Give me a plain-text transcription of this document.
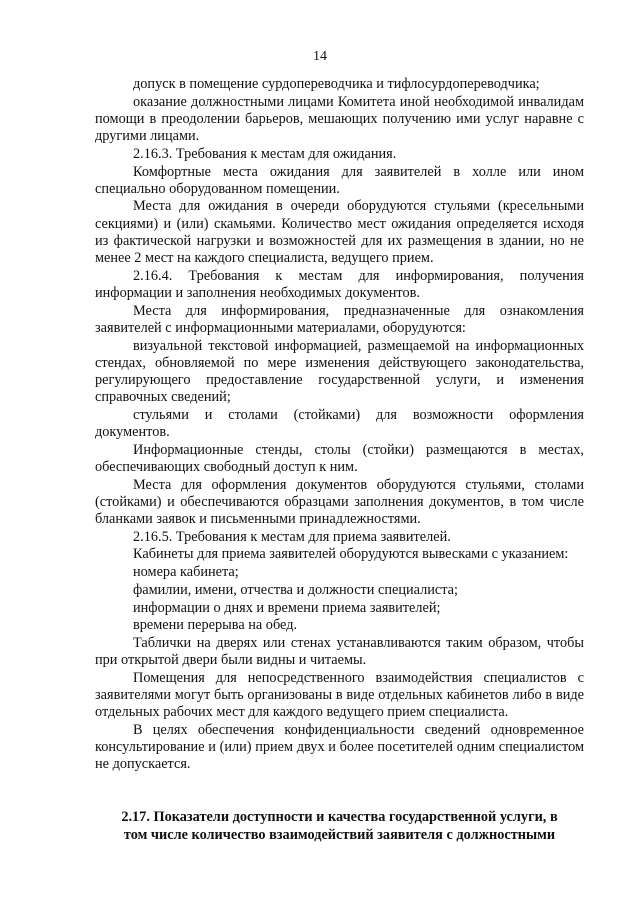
14

допуск в помещение сурдопереводчика и тифлосурдопереводчика;

оказание должностными лицами Комитета иной необходимой инвалидам помощи в преодолении барьеров, мешающих получению ими услуг наравне с другими лицами.

2.16.3. Требования к местам для ожидания.

Комфортные места ожидания для заявителей в холле или ином специально оборудованном помещении.

Места для ожидания в очереди оборудуются стульями (кресельными секциями) и (или) скамьями. Количество мест ожидания определяется исходя из фактической нагрузки и возможностей для их размещения в здании, но не менее 2 мест на каждого специалиста, ведущего прием.

2.16.4. Требования к местам для информирования, получения информации и заполнения необходимых документов.

Места для информирования, предназначенные для ознакомления заявителей с информационными материалами, оборудуются:

визуальной текстовой информацией, размещаемой на информационных стендах, обновляемой по мере изменения действующего законодательства, регулирующего предоставление государственной услуги, и изменения справочных сведений;

стульями и столами (стойками) для возможности оформления документов.

Информационные стенды, столы (стойки) размещаются в местах, обеспечивающих свободный доступ к ним.

Места для оформления документов оборудуются стульями, столами (стойками) и обеспечиваются образцами заполнения документов, в том числе бланками заявок и письменными принадлежностями.

2.16.5. Требования к местам для приема заявителей.

Кабинеты для приема заявителей оборудуются вывесками с указанием:

номера кабинета;

фамилии, имени, отчества и должности специалиста;

информации о днях и времени приема заявителей;

времени перерыва на обед.

Таблички на дверях или стенах устанавливаются таким образом, чтобы при открытой двери были видны и читаемы.

Помещения для непосредственного взаимодействия специалистов с заявителями могут быть организованы в виде отдельных кабинетов либо в виде отдельных рабочих мест для каждого ведущего прием специалиста.

В целях обеспечения конфиденциальности сведений одновременное консультирование и (или) прием двух и более посетителей одним специалистом не допускается.

2.17. Показатели доступности и качества государственной услуги, в
том числе количество взаимодействий заявителя с должностными
